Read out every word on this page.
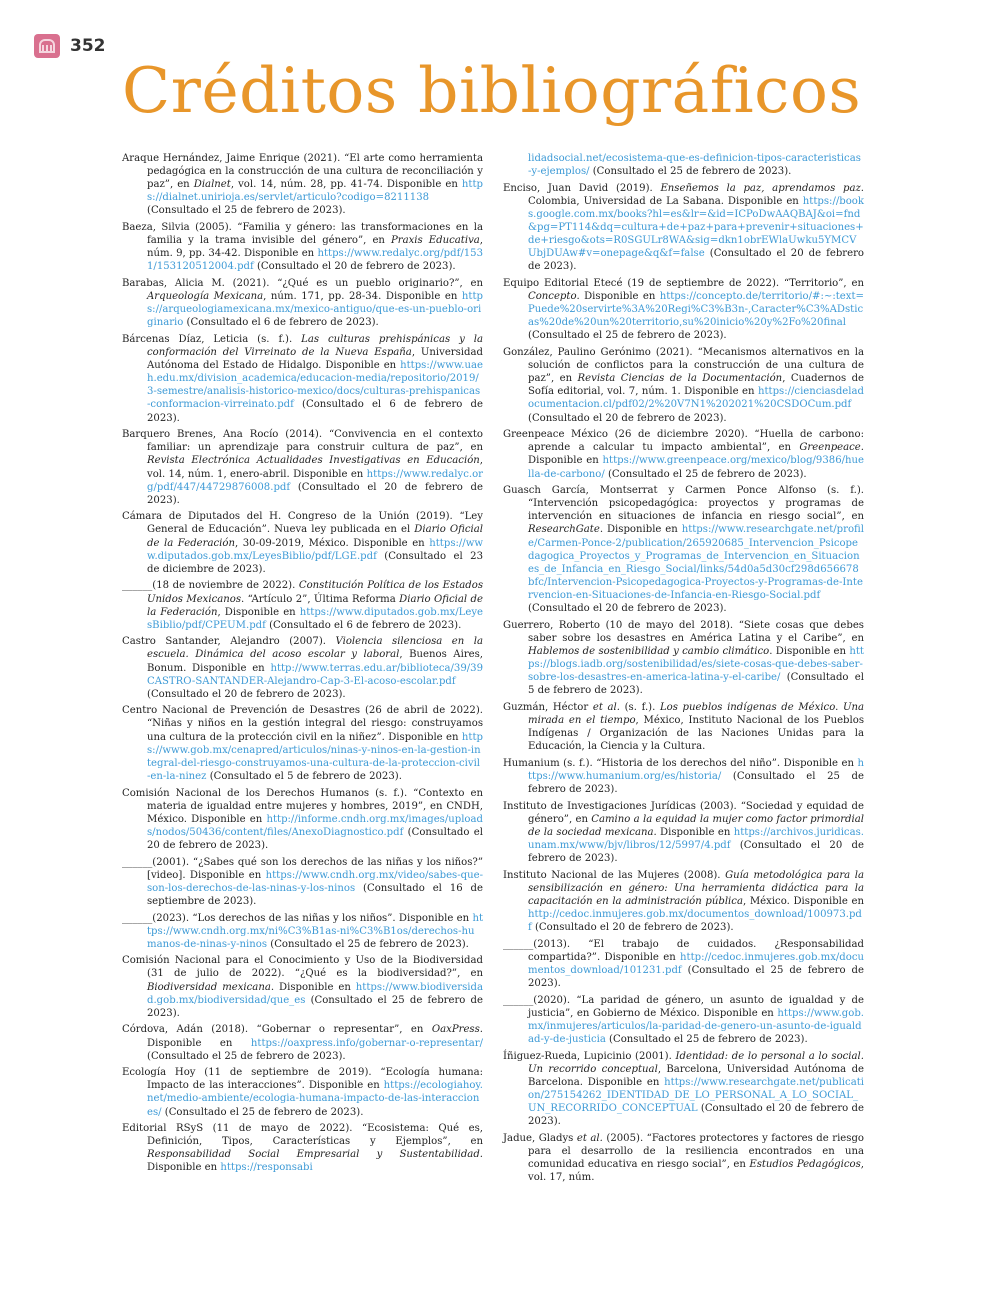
352
Créditos bibliográficos

Araque Hernández, Jaime Enrique (2021). “El arte como herramienta pedagógica en la construcción de una cultura de reconciliación y paz”, en Dialnet, vol. 14, núm. 28, pp. 41-74. Disponible en https://dialnet.unirioja.es/servlet/articulo?codigo=8211138 (Consultado el 25 de febrero de 2023).

Baeza, Silvia (2005). “Familia y género: las transformaciones en la familia y la trama invisible del género”, en Praxis Educativa, núm. 9, pp. 34-42. Disponible en https://www.redalyc.org/pdf/1531/153120512004.pdf (Consultado el 20 de febrero de 2023).

Barabas, Alicia M. (2021). “¿Qué es un pueblo originario?”, en Arqueología Mexicana, núm. 171, pp. 28-34. Disponible en https://arqueologiamexicana.mx/mexico-antiguo/que-es-un-pueblo-originario (Consultado el 6 de febrero de 2023).

Bárcenas Díaz, Leticia (s. f.). Las culturas prehispánicas y la conformación del Virreinato de la Nueva España, Universidad Autónoma del Estado de Hidalgo. Disponible en https://www.uaeh.edu.mx/division_academica/educacion-media/repositorio/2019/3-semestre/analisis-historico-mexico/docs/culturas-prehispanicas-conformacion-virreinato.pdf (Consultado el 6 de febrero de 2023).

Barquero Brenes, Ana Rocío (2014). “Convivencia en el contexto familiar: un aprendizaje para construir cultura de paz”, en Revista Electrónica Actualidades Investigativas en Educación, vol. 14, núm. 1, enero-abril. Disponible en https://www.redalyc.org/pdf/447/44729876008.pdf (Consultado el 20 de febrero de 2023).

Cámara de Diputados del H. Congreso de la Unión (2019). “Ley General de Educación”. Nueva ley publicada en el Diario Oficial de la Federación, 30-09-2019, México. Disponible en https://www.diputados.gob.mx/LeyesBiblio/pdf/LGE.pdf (Consultado el 23 de diciembre de 2023).

______(18 de noviembre de 2022). Constitución Política de los Estados Unidos Mexicanos. “Artículo 2”, Última Reforma Diario Oficial de la Federación, Disponible en https://www.diputados.gob.mx/LeyesBiblio/pdf/CPEUM.pdf (Consultado el 6 de febrero de 2023).

Castro Santander, Alejandro (2007). Violencia silenciosa en la escuela. Dinámica del acoso escolar y laboral, Buenos Aires, Bonum. Disponible en http://www.terras.edu.ar/biblioteca/39/39CASTRO-SANTANDER-Alejandro-Cap-3-El-acoso-escolar.pdf (Consultado el 20 de febrero de 2023).

Centro Nacional de Prevención de Desastres (26 de abril de 2022). “Niñas y niños en la gestión integral del riesgo: construyamos una cultura de la protección civil en la niñez”. Disponible en https://www.gob.mx/cenapred/articulos/ninas-y-ninos-en-la-gestion-integral-del-riesgo-construyamos-una-cultura-de-la-proteccion-civil-en-la-ninez (Consultado el 5 de febrero de 2023).

Comisión Nacional de los Derechos Humanos (s. f.). “Contexto en materia de igualdad entre mujeres y hombres, 2019”, en CNDH, México. Disponible en http://informe.cndh.org.mx/images/uploads/nodos/50436/content/files/AnexoDiagnostico.pdf (Consultado el 20 de febrero de 2023).

______(2001). “¿Sabes qué son los derechos de las niñas y los niños?” [video]. Disponible en https://www.cndh.org.mx/video/sabes-que-son-los-derechos-de-las-ninas-y-los-ninos (Consultado el 16 de septiembre de 2023).

______(2023). “Los derechos de las niñas y los niños”. Disponible en https://www.cndh.org.mx/ni%C3%B1as-ni%C3%B1os/derechos-humanos-de-ninas-y-ninos (Consultado el 25 de febrero de 2023).

Comisión Nacional para el Conocimiento y Uso de la Biodiversidad (31 de julio de 2022). “¿Qué es la biodiversidad?”, en Biodiversidad mexicana. Disponible en https://www.biodiversidad.gob.mx/biodiversidad/que_es (Consultado el 25 de febrero de 2023).

Córdova, Adán (2018). “Gobernar o representar”, en OaxPress. Disponible en https://oaxpress.info/gobernar-o-representar/ (Consultado el 25 de febrero de 2023).

Ecología Hoy (11 de septiembre de 2019). “Ecología humana: Impacto de las interacciones”. Disponible en https://ecologiahoy.net/medio-ambiente/ecologia-humana-impacto-de-las-interacciones/ (Consultado el 25 de febrero de 2023).

Editorial RSyS (11 de mayo de 2022). “Ecosistema: Qué es, Definición, Tipos, Características y Ejemplos”, en Responsabilidad Social Empresarial y Sustentabilidad. Disponible en https://responsabi

lidadsocial.net/ecosistema-que-es-definicion-tipos-caracteristicas-y-ejemplos/ (Consultado el 25 de febrero de 2023).

Enciso, Juan David (2019). Enseñemos la paz, aprendamos paz. Colombia, Universidad de La Sabana. Disponible en https://books.google.com.mx/books?hl=es&lr=&id=ICPoDwAAQBAJ&oi=fnd&pg=PT114&dq=cultura+de+paz+para+prevenir+situaciones+de+riesgo&ots=R0SGULr8WA&sig=dkn1obrEWlaUwku5YMCVUbjDUAw#v=onepage&q&f=false (Consultado el 20 de febrero de 2023).

Equipo Editorial Etecé (19 de septiembre de 2022). “Territorio”, en Concepto. Disponible en https://concepto.de/territorio/#:~:text=Puede%20servirte%3A%20Regi%C3%B3n-,Caracter%C3%ADsticas%20de%20un%20territorio,su%20inicio%20y%2Fo%20final (Consultado el 25 de febrero de 2023).

González, Paulino Gerónimo (2021). “Mecanismos alternativos en la solución de conflictos para la construcción de una cultura de paz”, en Revista Ciencias de la Documentación, Cuadernos de Sofía editorial, vol. 7, núm. 1. Disponible en https://cienciasdeladocumentacion.cl/pdf02/2%20V7N1%202021%20CSDOCum.pdf (Consultado el 20 de febrero de 2023).

Greenpeace México (26 de diciembre 2020). “Huella de carbono: aprende a calcular tu impacto ambiental”, en Greenpeace. Disponible en https://www.greenpeace.org/mexico/blog/9386/huella-de-carbono/ (Consultado el 25 de febrero de 2023).

Guasch García, Montserrat y Carmen Ponce Alfonso (s. f.). “Intervención psicopedagógica: proyectos y programas de intervención en situaciones de infancia en riesgo social”, en ResearchGate. Disponible en https://www.researchgate.net/profile/Carmen-Ponce-2/publication/265920685_Intervencion_Psicopedagogica_Proyectos_y_Programas_de_Intervencion_en_Situaciones_de_Infancia_en_Riesgo_Social/links/54d0a5d30cf298d656678bfc/Intervencion-Psicopedagogica-Proyectos-y-Programas-de-Intervencion-en-Situaciones-de-Infancia-en-Riesgo-Social.pdf (Consultado el 20 de febrero de 2023).

Guerrero, Roberto (10 de mayo del 2018). “Siete cosas que debes saber sobre los desastres en América Latina y el Caribe”, en Hablemos de sostenibilidad y cambio climático. Disponible en https://blogs.iadb.org/sostenibilidad/es/siete-cosas-que-debes-saber-sobre-los-desastres-en-america-latina-y-el-caribe/ (Consultado el 5 de febrero de 2023).

Guzmán, Héctor et al. (s. f.). Los pueblos indígenas de México. Una mirada en el tiempo, México, Instituto Nacional de los Pueblos Indígenas / Organización de las Naciones Unidas para la Educación, la Ciencia y la Cultura.

Humanium (s. f.). “Historia de los derechos del niño”. Disponible en https://www.humanium.org/es/historia/ (Consultado el 25 de febrero de 2023).

Instituto de Investigaciones Jurídicas (2003). “Sociedad y equidad de género”, en Camino a la equidad la mujer como factor primordial de la sociedad mexicana. Disponible en https://archivos.juridicas.unam.mx/www/bjv/libros/12/5997/4.pdf (Consultado el 20 de febrero de 2023).

Instituto Nacional de las Mujeres (2008). Guía metodológica para la sensibilización en género: Una herramienta didáctica para la capacitación en la administración pública, México. Disponible en http://cedoc.inmujeres.gob.mx/documentos_download/100973.pdf (Consultado el 20 de febrero de 2023).

______(2013). “El trabajo de cuidados. ¿Responsabilidad compartida?”. Disponible en http://cedoc.inmujeres.gob.mx/documentos_download/101231.pdf (Consultado el 25 de febrero de 2023).

______(2020). “La paridad de género, un asunto de igualdad y de justicia”, en Gobierno de México. Disponible en https://www.gob.mx/inmujeres/articulos/la-paridad-de-genero-un-asunto-de-igualdad-y-de-justicia (Consultado el 25 de febrero de 2023).

Íñiguez-Rueda, Lupicinio (2001). Identidad: de lo personal a lo social. Un recorrido conceptual, Barcelona, Universidad Autónoma de Barcelona. Disponible en https://www.researchgate.net/publication/275154262_IDENTIDAD_DE_LO_PERSONAL_A_LO_SOCIAL_UN_RECORRIDO_CONCEPTUAL (Consultado el 20 de febrero de 2023).

Jadue, Gladys et al. (2005). “Factores protectores y factores de riesgo para el desarrollo de la resiliencia encontrados en una comunidad educativa en riesgo social”, en Estudios Pedagógicos, vol. 17, núm.
